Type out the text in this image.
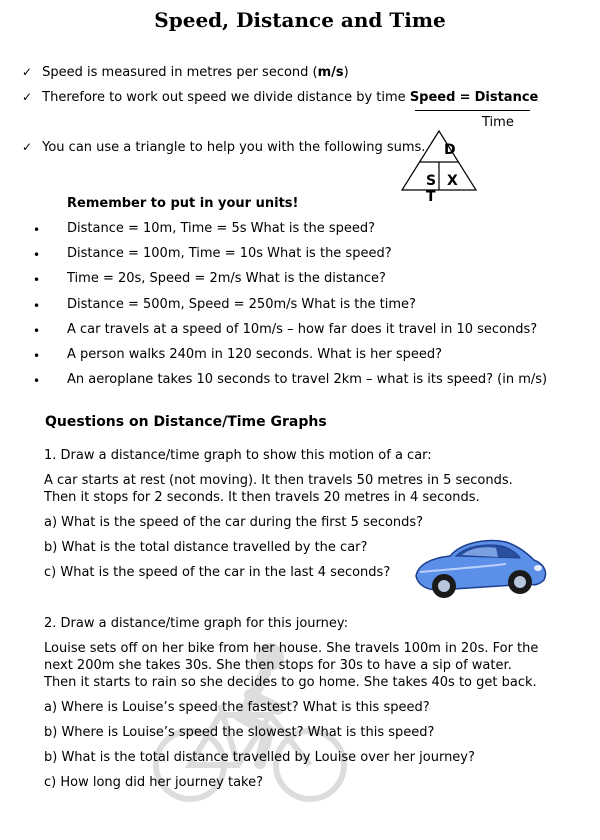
Speed, Distance and Time
✓ Speed is measured in metres per second (m/s)
✓ Therefore to work out speed we divide distance by time Speed = Distance
Time
✓ You can use a triangle to help you with the following sums. D
S X T
Remember to put in your units!
• Distance = 10m, Time = 5s What is the speed?
• Distance = 100m, Time = 10s What is the speed?
• Time = 20s, Speed = 2m/s What is the distance?
• Distance = 500m, Speed = 250m/s What is the time?
• A car travels at a speed of 10m/s – how far does it travel in 10 seconds?
• A person walks 240m in 120 seconds. What is her speed?
• An aeroplane takes 10 seconds to travel 2km – what is its speed? (in m/s)
Questions on Distance/Time Graphs
1. Draw a distance/time graph to show this motion of a car:
A car starts at rest (not moving). It then travels 50 metres in 5 seconds.
Then it stops for 2 seconds. It then travels 20 metres in 4 seconds.
a) What is the speed of the car during the first 5 seconds?
b) What is the total distance travelled by the car?
c) What is the speed of the car in the last 4 seconds?
2. Draw a distance/time graph for this journey:
Louise sets off on her bike from her house. She travels 100m in 20s. For the
next 200m she takes 30s. She then stops for 30s to have a sip of water.
Then it starts to rain so she decides to go home. She takes 40s to get back.
a) Where is Louise’s speed the fastest? What is this speed?
b) Where is Louise’s speed the slowest? What is this speed?
b) What is the total distance travelled by Louise over her journey?
c) How long did her journey take?
